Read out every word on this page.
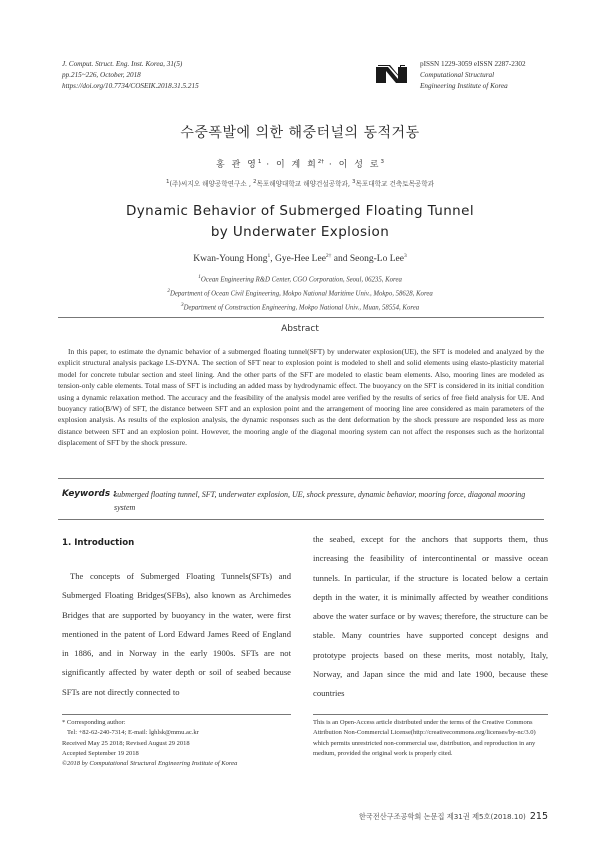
J. Comput. Struct. Eng. Inst. Korea, 31(5)
pp.215~226, October, 2018
https://doi.org/10.7734/COSEIK.2018.31.5.215
pISSN 1229-3059 eISSN 2287-2302
Computational Structural
Engineering Institute of Korea
수중폭발에 의한 해중터널의 동적거동
홍 관 영$^1$ · 이 계 희$^{2\dagger}$ · 이 성 로$^3$
$^1$(주)씨지오 해양공학연구소 , $^2$목포해양대학교 해양건설공학과, $^3$목포대학교 건축토목공학과
Dynamic Behavior of Submerged Floating Tunnel
by Underwater Explosion
Kwan-Young Hong$^1$, Gye-Hee Lee$^{2\dagger}$ and Seong-Lo Lee$^3$
$^1$Ocean Engineering R&D Center, CGO Corporation, Seoul, 06235, Korea
$^2$Department of Ocean Civil Engineering, Mokpo National Maritime Univ., Mokpo, 58628, Korea
$^3$Department of Construction Engineering, Mokpo National Univ., Muan, 58554, Korea
Abstract
In this paper, to estimate the dynamic behavior of a submerged floating tunnel(SFT) by underwater explosion(UE), the SFT is modeled and analyzed by the explicit structural analysis package LS-DYNA. The section of SFT near to explosion point is modeled to shell and solid elements using elasto-plasticity material model for concrete tubular section and steel lining. And the other parts of the SFT are modeled to elastic beam elements. Also, mooring lines are modeled as tension-only cable elements. Total mass of SFT is including an added mass by hydrodynamic effect. The buoyancy on the SFT is considered in its initial condition using a dynamic relaxation method. The accuracy and the feasibility of the analysis model aree verified by the results of serics of free field analysis for UE. And buoyancy ratio(B/W) of SFT, the distance between SFT and an explosion point and the arrangement of mooring line aree considered as main parameters of the explosion analysis. As results of the explosion analysis, the dynamic responses such as the dent deformation by the shock pressure are responded less as more distance between SFT and an explosion point. However, the mooring angle of the diagonal mooring system can not affect the responses such as the horizontal displacement of SFT by the shock pressure.
Keywords :
submerged floating tunnel, SFT, underwater explosion, UE, shock pressure, dynamic behavior, mooring force, diagonal mooring system
1. Introduction
The concepts of Submerged Floating Tunnels(SFTs) and Submerged Floating Bridges(SFBs), also known as Archimedes Bridges that are supported by buoyancy in the water, were first mentioned in the patent of Lord Edward James Reed of England in 1886, and in Norway in the early 1900s. SFTs are not significantly affected by water depth or soil of seabed because SFTs are not directly connected to
the seabed, except for the anchors that supports them, thus increasing the feasibility of intercontinental or massive ocean tunnels. In particular, if the structure is located below a certain depth in the water, it is minimally affected by weather conditions above the water surface or by waves; therefore, the structure can be stable. Many countries have supported concept designs and prototype projects based on these merits, most notably, Italy, Norway, and Japan since the mid and late 1900, because these countries
* Corresponding author:
Tel: +82-62-240-7314; E-mail: lghlsk@mmu.ac.kr
Received May 25 2018; Revised August 29 2018
Accepted September 19 2018
©2018 by Computational Structural Engineering Institute of Korea
This is an Open-Access article distributed under the terms of the Creative Commons Attribution Non-Commercial License(http://creativecommons.org/licenses/by-nc/3.0) which permits unrestricted non-commercial use, distribution, and reproduction in any medium, provided the original work is properly cited.
한국전산구조공학회 논문집 제31권 제5호(2018.10) 215
